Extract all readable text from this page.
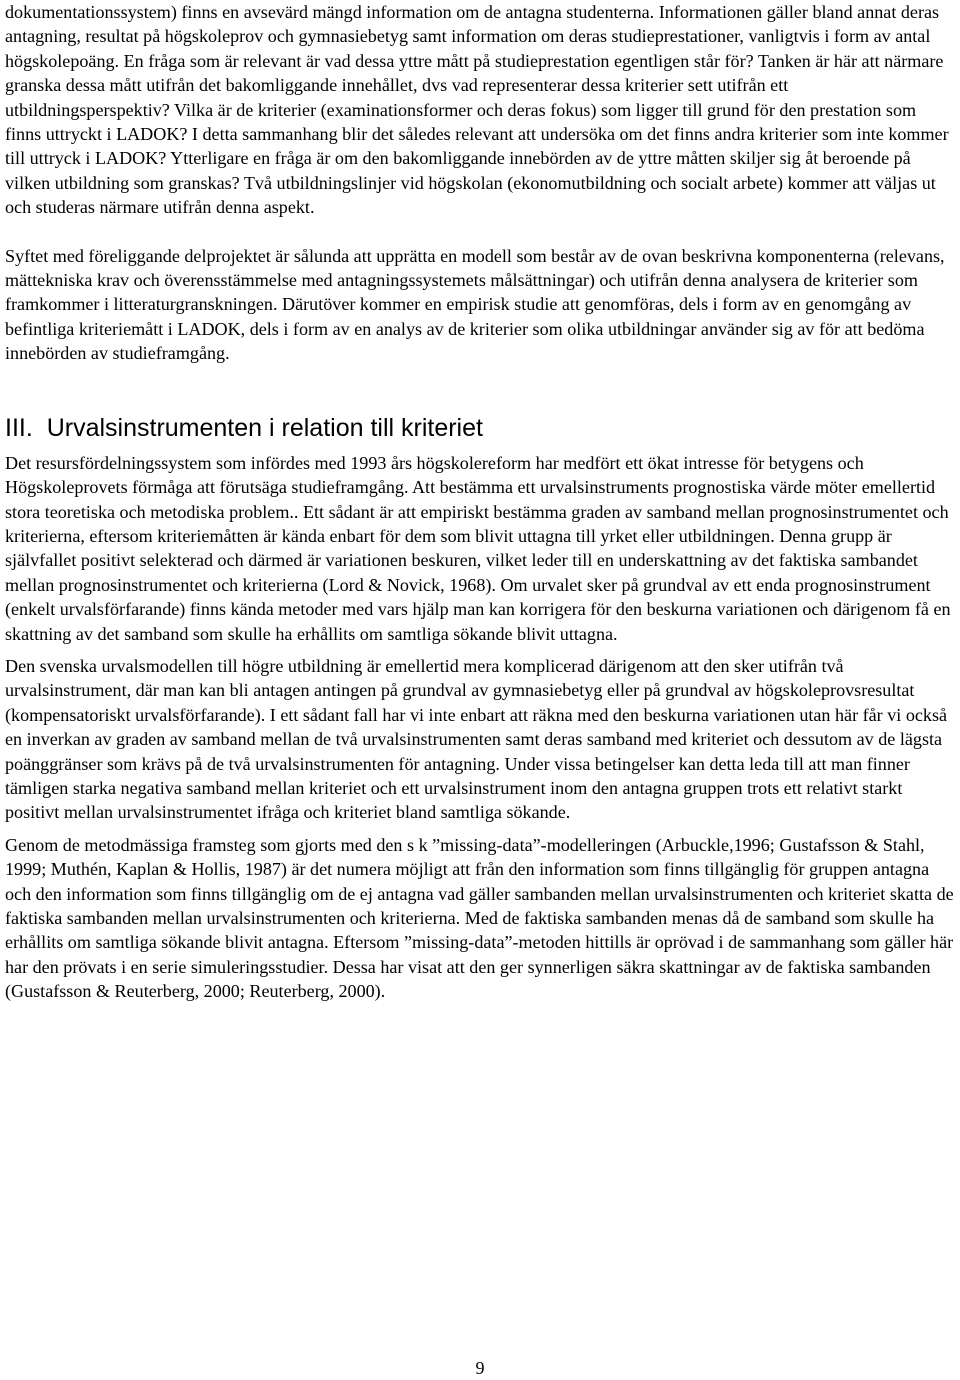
dokumentationssystem) finns en avsevärd mängd information om de antagna studenterna. Informationen gäller bland annat deras antagning, resultat på högskoleprov och gymnasiebetyg samt information om deras studieprestationer, vanligtvis i form av antal högskolepoäng. En fråga som är relevant är vad dessa yttre mått på studieprestation egentligen står för? Tanken är här att närmare granska dessa mått utifrån det bakomliggande innehållet, dvs vad representerar dessa kriterier sett utifrån ett utbildningsperspektiv? Vilka är de kriterier (examinationsformer och deras fokus) som ligger till grund för den prestation som finns uttryckt i LADOK? I detta sammanhang blir det således relevant att undersöka om det finns andra kriterier som inte kommer till uttryck i LADOK? Ytterligare en fråga är om den bakomliggande innebörden av de yttre måtten skiljer sig åt beroende på vilken utbildning som granskas? Två utbildningslinjer vid högskolan (ekonomutbildning och socialt arbete) kommer att väljas ut och studeras närmare utifrån denna aspekt.

Syftet med föreliggande delprojektet är sålunda att upprätta en modell som består av de ovan beskrivna komponenterna (relevans, mättekniska krav och överensstämmelse med antagningssystemets målsättningar) och utifrån denna analysera de kriterier som framkommer i litteraturgranskningen. Därutöver kommer en empirisk studie att genomföras, dels i form av en genomgång av befintliga kriteriemått i LADOK, dels i form av en analys av de kriterier som olika utbildningar använder sig av för att bedöma innebörden av studieframgång.

III. Urvalsinstrumenten i relation till kriteriet

Det resursfördelningssystem som infördes med 1993 års högskolereform har medfört ett ökat intresse för betygens och Högskoleprovets förmåga att förutsäga studieframgång. Att bestämma ett urvalsinstruments prognostiska värde möter emellertid stora teoretiska och metodiska problem.. Ett sådant är att empiriskt bestämma graden av samband mellan prognosinstrumentet och kriterierna, eftersom kriteriemåtten är kända enbart för dem som blivit uttagna till yrket eller utbildningen. Denna grupp är självfallet positivt selekterad och därmed är variationen beskuren, vilket leder till en underskattning av det faktiska sambandet mellan prognosinstrumentet och kriterierna (Lord & Novick, 1968). Om urvalet sker på grundval av ett enda prognosinstrument (enkelt urvalsförfarande) finns kända metoder med vars hjälp man kan korrigera för den beskurna variationen och därigenom få en skattning av det samband som skulle ha erhållits om samtliga sökande blivit uttagna.

Den svenska urvalsmodellen till högre utbildning är emellertid mera komplicerad därigenom att den sker utifrån två urvalsinstrument, där man kan bli antagen antingen på grundval av gymnasiebetyg eller på grundval av högskoleprovsresultat (kompensatoriskt urvalsförfarande). I ett sådant fall har vi inte enbart att räkna med den beskurna variationen utan här får vi också en inverkan av graden av samband mellan de två urvalsinstrumenten samt deras samband med kriteriet och dessutom av de lägsta poänggränser som krävs på de två urvalsinstrumenten för antagning. Under vissa betingelser kan detta leda till att man finner tämligen starka negativa samband mellan kriteriet och ett urvalsinstrument inom den antagna gruppen trots ett relativt starkt positivt mellan urvalsinstrumentet ifråga och kriteriet bland samtliga sökande.

Genom de metodmässiga framsteg som gjorts med den s k ”missing-data”-modelleringen (Arbuckle,1996; Gustafsson & Stahl, 1999; Muthén, Kaplan & Hollis, 1987) är det numera möjligt att från den information som finns tillgänglig för gruppen antagna och den information som finns tillgänglig om de ej antagna vad gäller sambanden mellan urvalsinstrumenten och kriteriet skatta de faktiska sambanden mellan urvalsinstrumenten och kriterierna. Med de faktiska sambanden menas då de samband som skulle ha erhållits om samtliga sökande blivit antagna. Eftersom ”missing-data”-metoden hittills är oprövad i de sammanhang som gäller här har den prövats i en serie simuleringsstudier. Dessa har visat att den ger synnerligen säkra skattningar av de faktiska sambanden (Gustafsson & Reuterberg, 2000; Reuterberg, 2000).

9
